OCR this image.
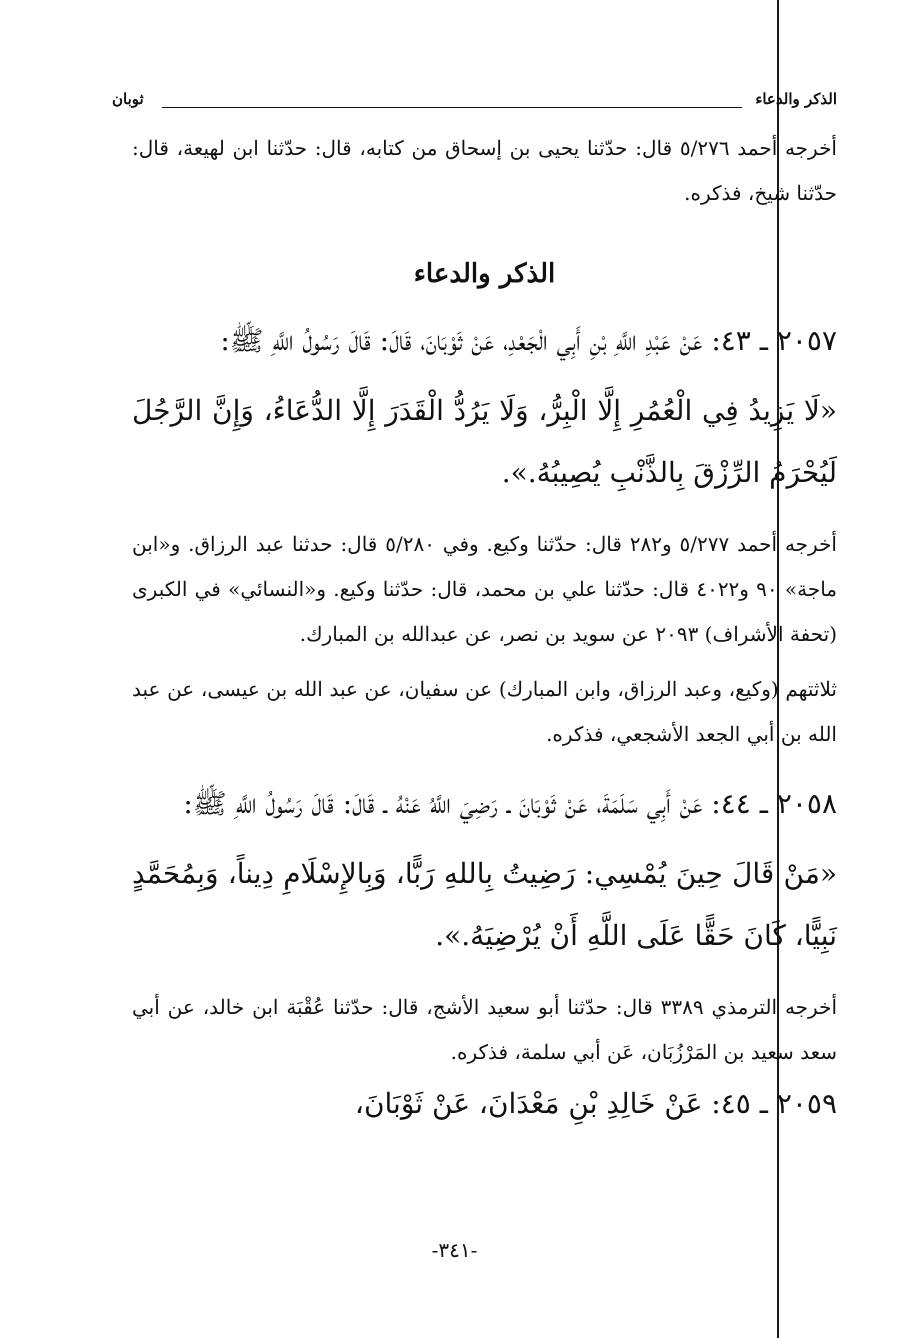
الذكر والدعاء
ثوبان

أخرجه أحمد ٥/٢٧٦ قال: حدّثنا يحيى بن إسحاق من كتابه، قال: حدّثنا ابن لهيعة، قال: حدّثنا شيخ، فذكره.

الذكر والدعاء

٢٠٥٧ ـ ٤٣: عَنْ عَبْدِ اللَّهِ بْنِ أَبِي الْجَعْدِ، عَنْ ثَوْبَانَ، قَالَ: قَالَ رَسُولُ اللَّهِ ﷺ:

«لَا يَزِيدُ فِي الْعُمُرِ إِلَّا الْبِرُّ، وَلَا يَرُدُّ الْقَدَرَ إِلَّا الدُّعَاءُ، وَإِنَّ الرَّجُلَ لَيُحْرَمُ الرِّزْقَ بِالذَّنْبِ يُصِيبُهُ.».

أخرجه أحمد ٥/٢٧٧ و٢٨٢ قال: حدّثنا وكيع. وفي ٥/٢٨٠ قال: حدثنا عبد الرزاق. و«ابن ماجة» ٩٠ و٤٠٢٢ قال: حدّثنا علي بن محمد، قال: حدّثنا وكيع. و«النسائي» في الكبرى (تحفة الأشراف) ٢٠٩٣ عن سويد بن نصر، عن عبدالله بن المبارك.

ثلاثتهم (وكيع، وعبد الرزاق، وابن المبارك) عن سفيان، عن عبد الله بن عيسى، عن عبد الله بن أبي الجعد الأشجعي، فذكره.

٢٠٥٨ ـ ٤٤: عَنْ أَبِي سَلَمَةَ، عَنْ ثَوْبَانَ ـ رَضِيَ اللَّهُ عَنْهُ ـ قَالَ: قَالَ رَسُولُ اللَّهِ ﷺ:

«مَنْ قَالَ حِينَ يُمْسِي: رَضِيتُ بِاللهِ رَبًّا، وَبِالإِسْلَامِ دِيناً، وَبِمُحَمَّدٍ نَبِيًّا، كَانَ حَقًّا عَلَى اللَّهِ أَنْ يُرْضِيَهُ.».

أخرجه الترمذي ٣٣٨٩ قال: حدّثنا أبو سعيد الأشج، قال: حدّثنا عُقْبَة ابن خالد، عن أبي سعد سعيد بن المَرْزُبَان، عَن أبي سلمة، فذكره.

٢٠٥٩ ـ ٤٥: عَنْ خَالِدِ بْنِ مَعْدَانَ، عَنْ ثَوْبَانَ،

-٣٤١-
